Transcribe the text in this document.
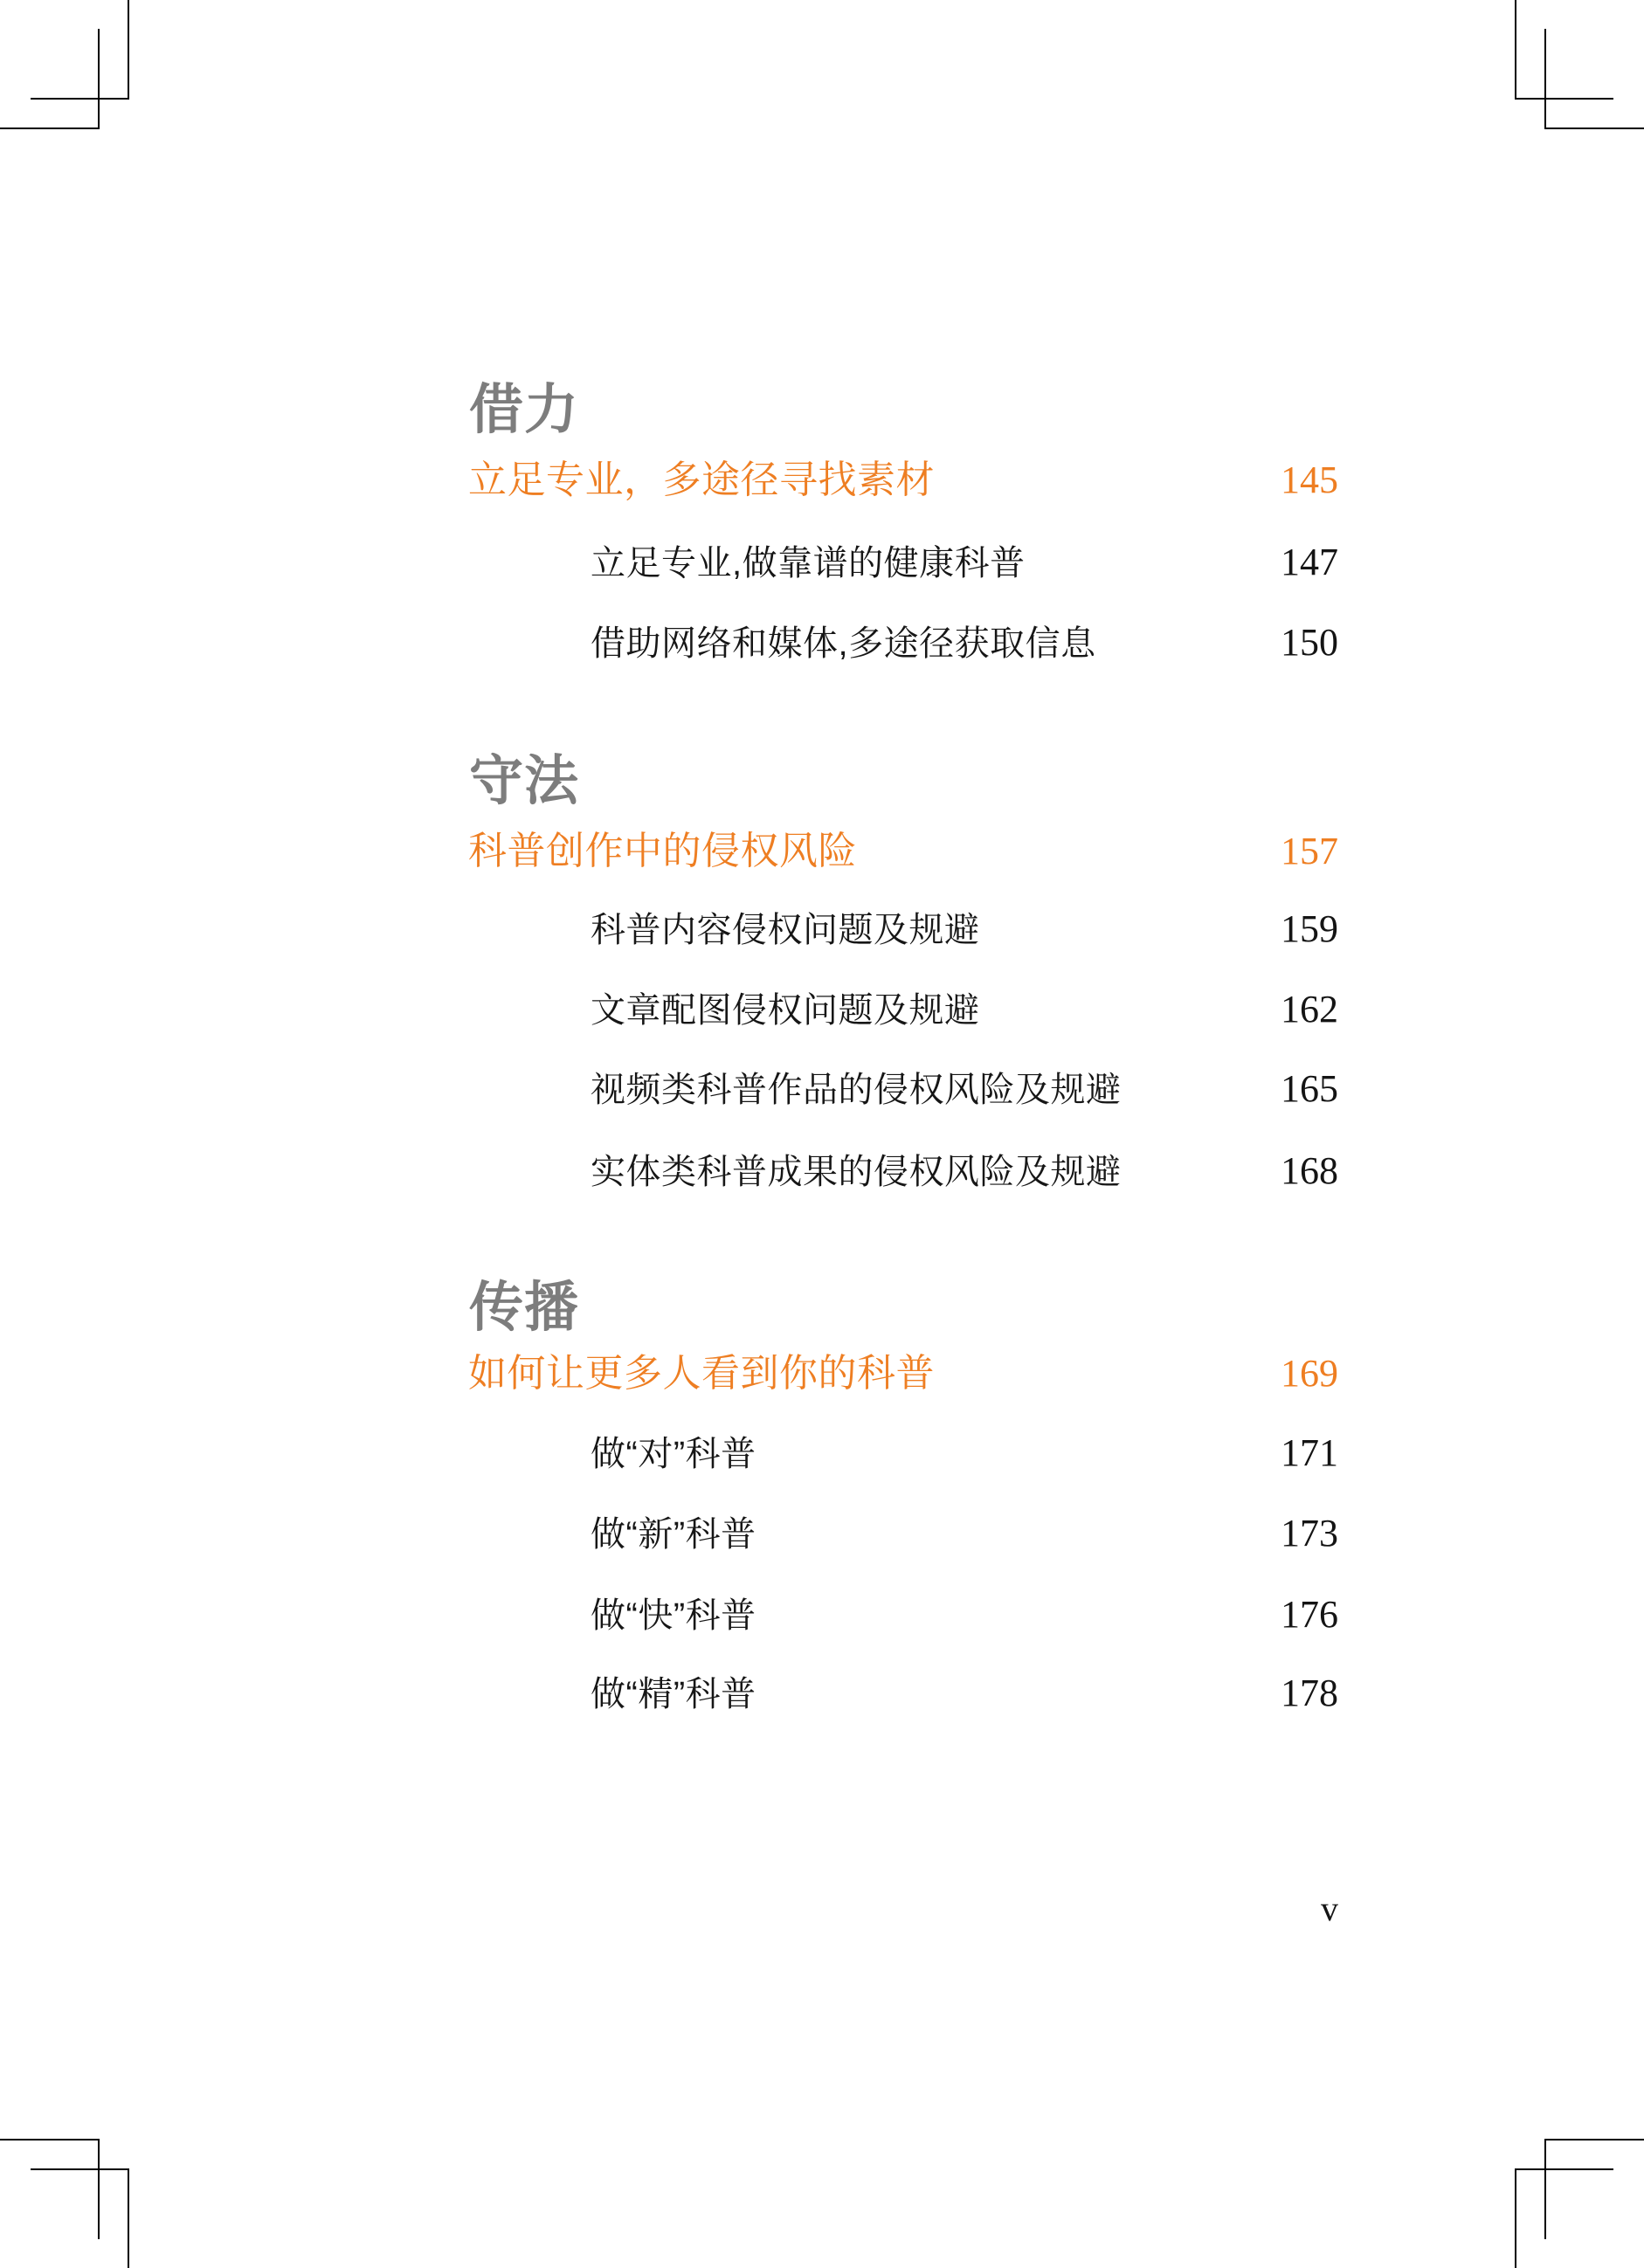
借力
立足专业，多途径寻找素材	145
立足专业,做靠谱的健康科普	147
借助网络和媒体,多途径获取信息	150
守法
科普创作中的侵权风险	157
科普内容侵权问题及规避	159
文章配图侵权问题及规避	162
视频类科普作品的侵权风险及规避	165
实体类科普成果的侵权风险及规避	168
传播
如何让更多人看到你的科普	169
做“对”科普	171
做“新”科普	173
做“快”科普	176
做“精”科普	178
v
